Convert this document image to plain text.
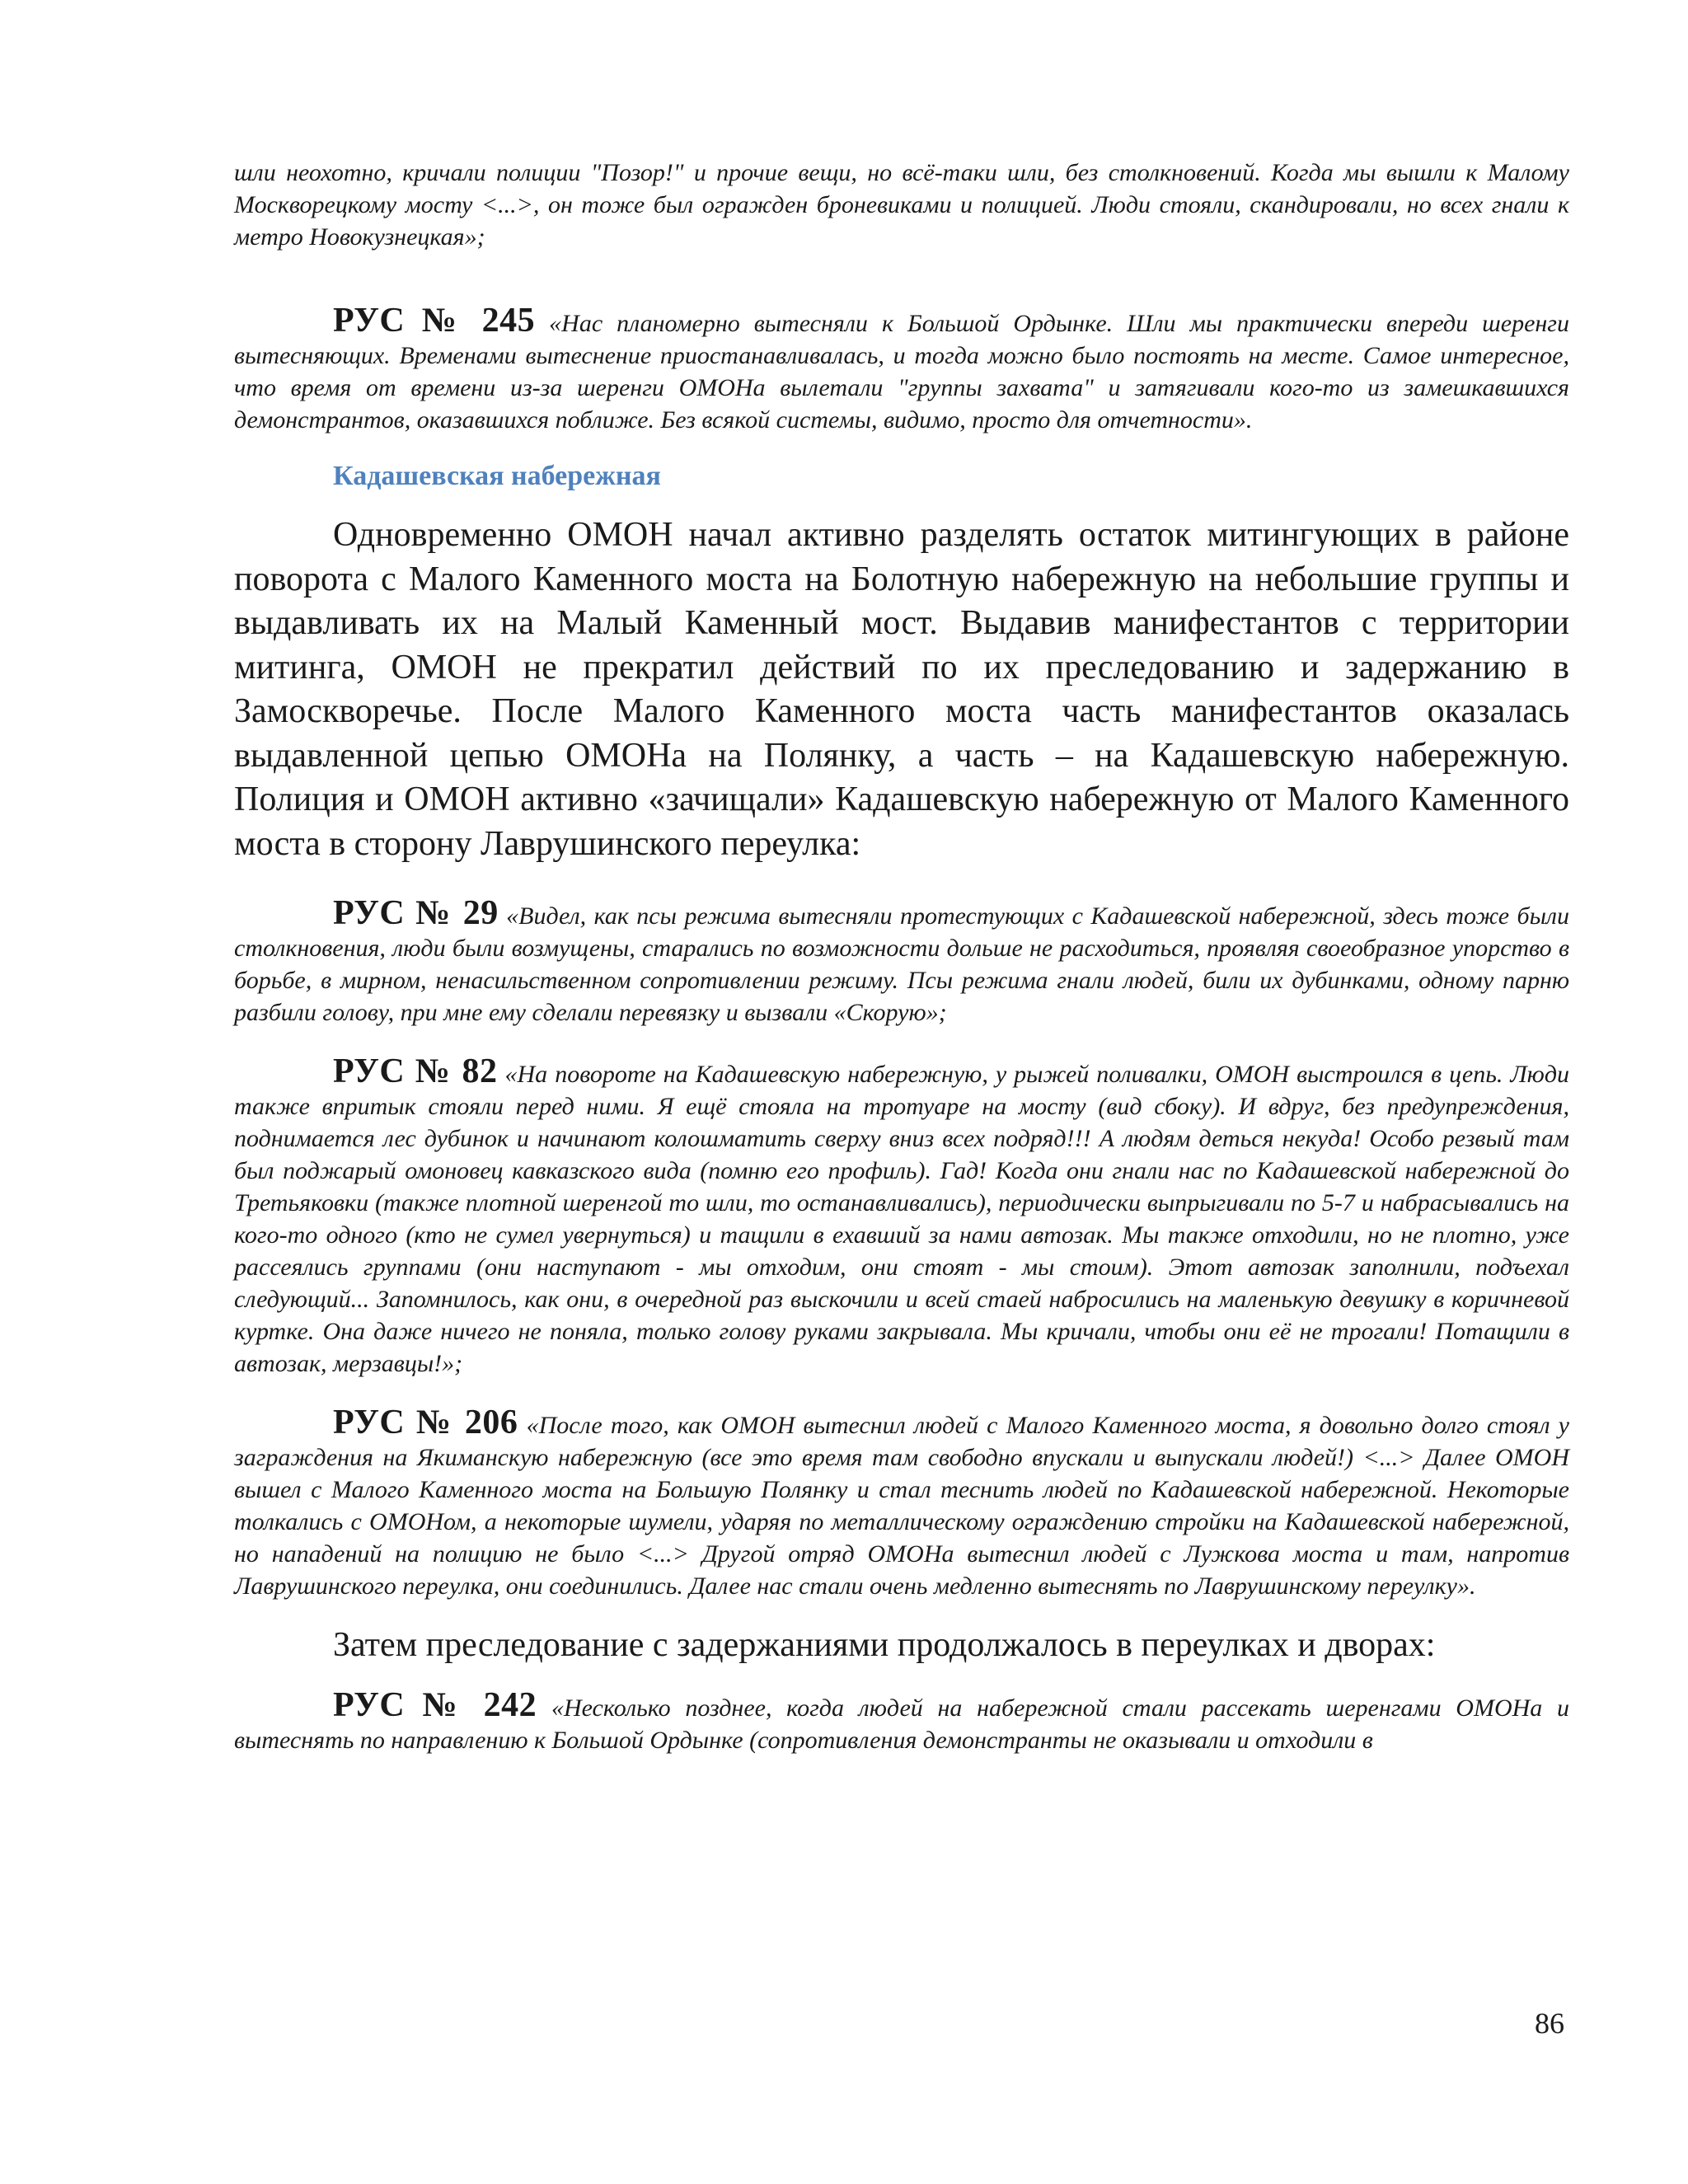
шли неохотно, кричали полиции "Позор!" и прочие вещи, но всё-таки шли, без столкновений. Когда мы вышли к Малому Москворецкому мосту <...>, он тоже был огражден броневиками и полицией. Люди стояли, скандировали, но всех гнали к метро Новокузнецкая»;

РУС № 245 «Нас планомерно вытесняли к Большой Ордынке. Шли мы практически впереди шеренги вытесняющих. Временами вытеснение приостанавливалась, и тогда можно было постоять на месте. Самое интересное, что время от времени из-за шеренги ОМОНа вылетали "группы захвата" и затягивали кого-то из замешкавшихся демонстрантов, оказавшихся поближе. Без всякой системы, видимо, просто для отчетности».

Кадашевская набережная

Одновременно ОМОН начал активно разделять остаток митингующих в районе поворота с Малого Каменного моста на Болотную набережную на небольшие группы и выдавливать их на Малый Каменный мост. Выдавив манифестантов с территории митинга, ОМОН не прекратил действий по их преследованию и задержанию в Замоскворечье. После Малого Каменного моста часть манифестантов оказалась выдавленной цепью ОМОНа на Полянку, а часть – на Кадашевскую набережную. Полиция и ОМОН активно «зачищали» Кадашевскую набережную от Малого Каменного моста в сторону Лаврушинского переулка:

РУС № 29 «Видел, как псы режима вытесняли протестующих с Кадашевской набережной, здесь тоже были столкновения, люди были возмущены, старались по возможности дольше не расходиться, проявляя своеобразное упорство в борьбе, в мирном, ненасильственном сопротивлении режиму. Псы режима гнали людей, били их дубинками, одному парню разбили голову, при мне ему сделали перевязку и вызвали «Скорую»;

РУС № 82 «На повороте на Кадашевскую набережную, у рыжей поливалки, ОМОН выстроился в цепь. Люди также впритык стояли перед ними. Я ещё стояла на тротуаре на мосту (вид сбоку). И вдруг, без предупреждения, поднимается лес дубинок и начинают колошматить сверху вниз всех подряд!!! А людям деться некуда! Особо резвый там был поджарый омоновец кавказского вида (помню его профиль). Гад! Когда они гнали нас по Кадашевской набережной до Третьяковки (также плотной шеренгой то шли, то останавливались), периодически выпрыгивали по 5-7 и набрасывались на кого-то одного (кто не сумел увернуться) и тащили в ехавший за нами автозак. Мы также отходили, но не плотно, уже рассеялись группами (они наступают - мы отходим, они стоят - мы стоим). Этот автозак заполнили, подъехал следующий... Запомнилось, как они, в очередной раз выскочили и всей стаей набросились на маленькую девушку в коричневой куртке. Она даже ничего не поняла, только голову руками закрывала. Мы кричали, чтобы они её не трогали! Потащили в автозак, мерзавцы!»;

РУС № 206 «После того, как ОМОН вытеснил людей с Малого Каменного моста, я довольно долго стоял у заграждения на Якиманскую набережную (все это время там свободно впускали и выпускали людей!) <...> Далее ОМОН вышел с Малого Каменного моста на Большую Полянку и стал теснить людей по Кадашевской набережной. Некоторые толкались с ОМОНом, а некоторые шумели, ударяя по металлическому ограждению стройки на Кадашевской набережной, но нападений на полицию не было <...> Другой отряд ОМОНа вытеснил людей с Лужкова моста и там, напротив Лаврушинского переулка, они соединились. Далее нас стали очень медленно вытеснять по Лаврушинскому переулку».

Затем преследование с задержаниями продолжалось в переулках и дворах:

РУС № 242 «Несколько позднее, когда людей на набережной стали рассекать шеренгами ОМОНа и вытеснять по направлению к Большой Ордынке (сопротивления демонстранты не оказывали и отходили в

86
